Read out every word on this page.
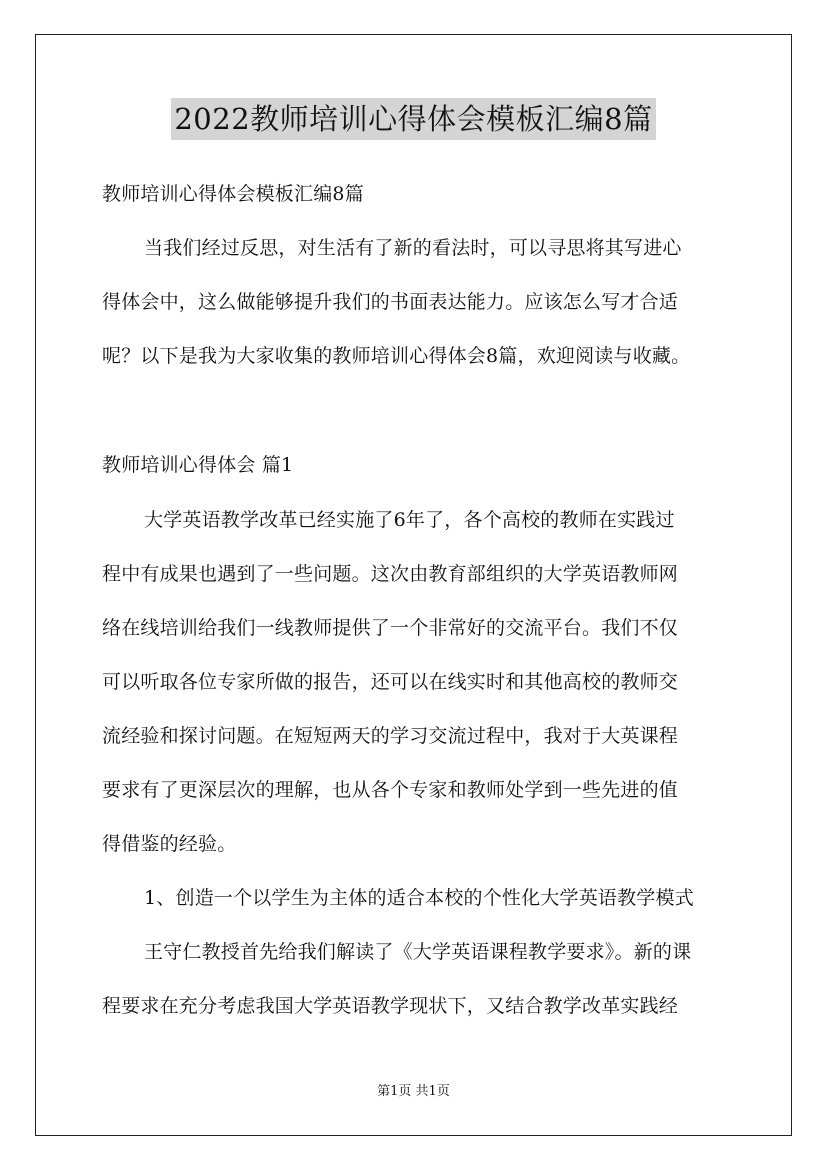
2022教师培训心得体会模板汇编8篇
教师培训心得体会模板汇编8篇
当我们经过反思，对生活有了新的看法时，可以寻思将其写进心
得体会中，这么做能够提升我们的书面表达能力。应该怎么写才合适
呢？以下是我为大家收集的教师培训心得体会8篇，欢迎阅读与收藏。
教师培训心得体会 篇1
大学英语教学改革已经实施了6年了，各个高校的教师在实践过
程中有成果也遇到了一些问题。这次由教育部组织的大学英语教师网
络在线培训给我们一线教师提供了一个非常好的交流平台。我们不仅
可以听取各位专家所做的报告，还可以在线实时和其他高校的教师交
流经验和探讨问题。在短短两天的学习交流过程中，我对于大英课程
要求有了更深层次的理解，也从各个专家和教师处学到一些先进的值
得借鉴的经验。
1、创造一个以学生为主体的适合本校的个性化大学英语教学模式
王守仁教授首先给我们解读了《大学英语课程教学要求》。新的课
程要求在充分考虑我国大学英语教学现状下，又结合教学改革实践经
第1页 共1页
